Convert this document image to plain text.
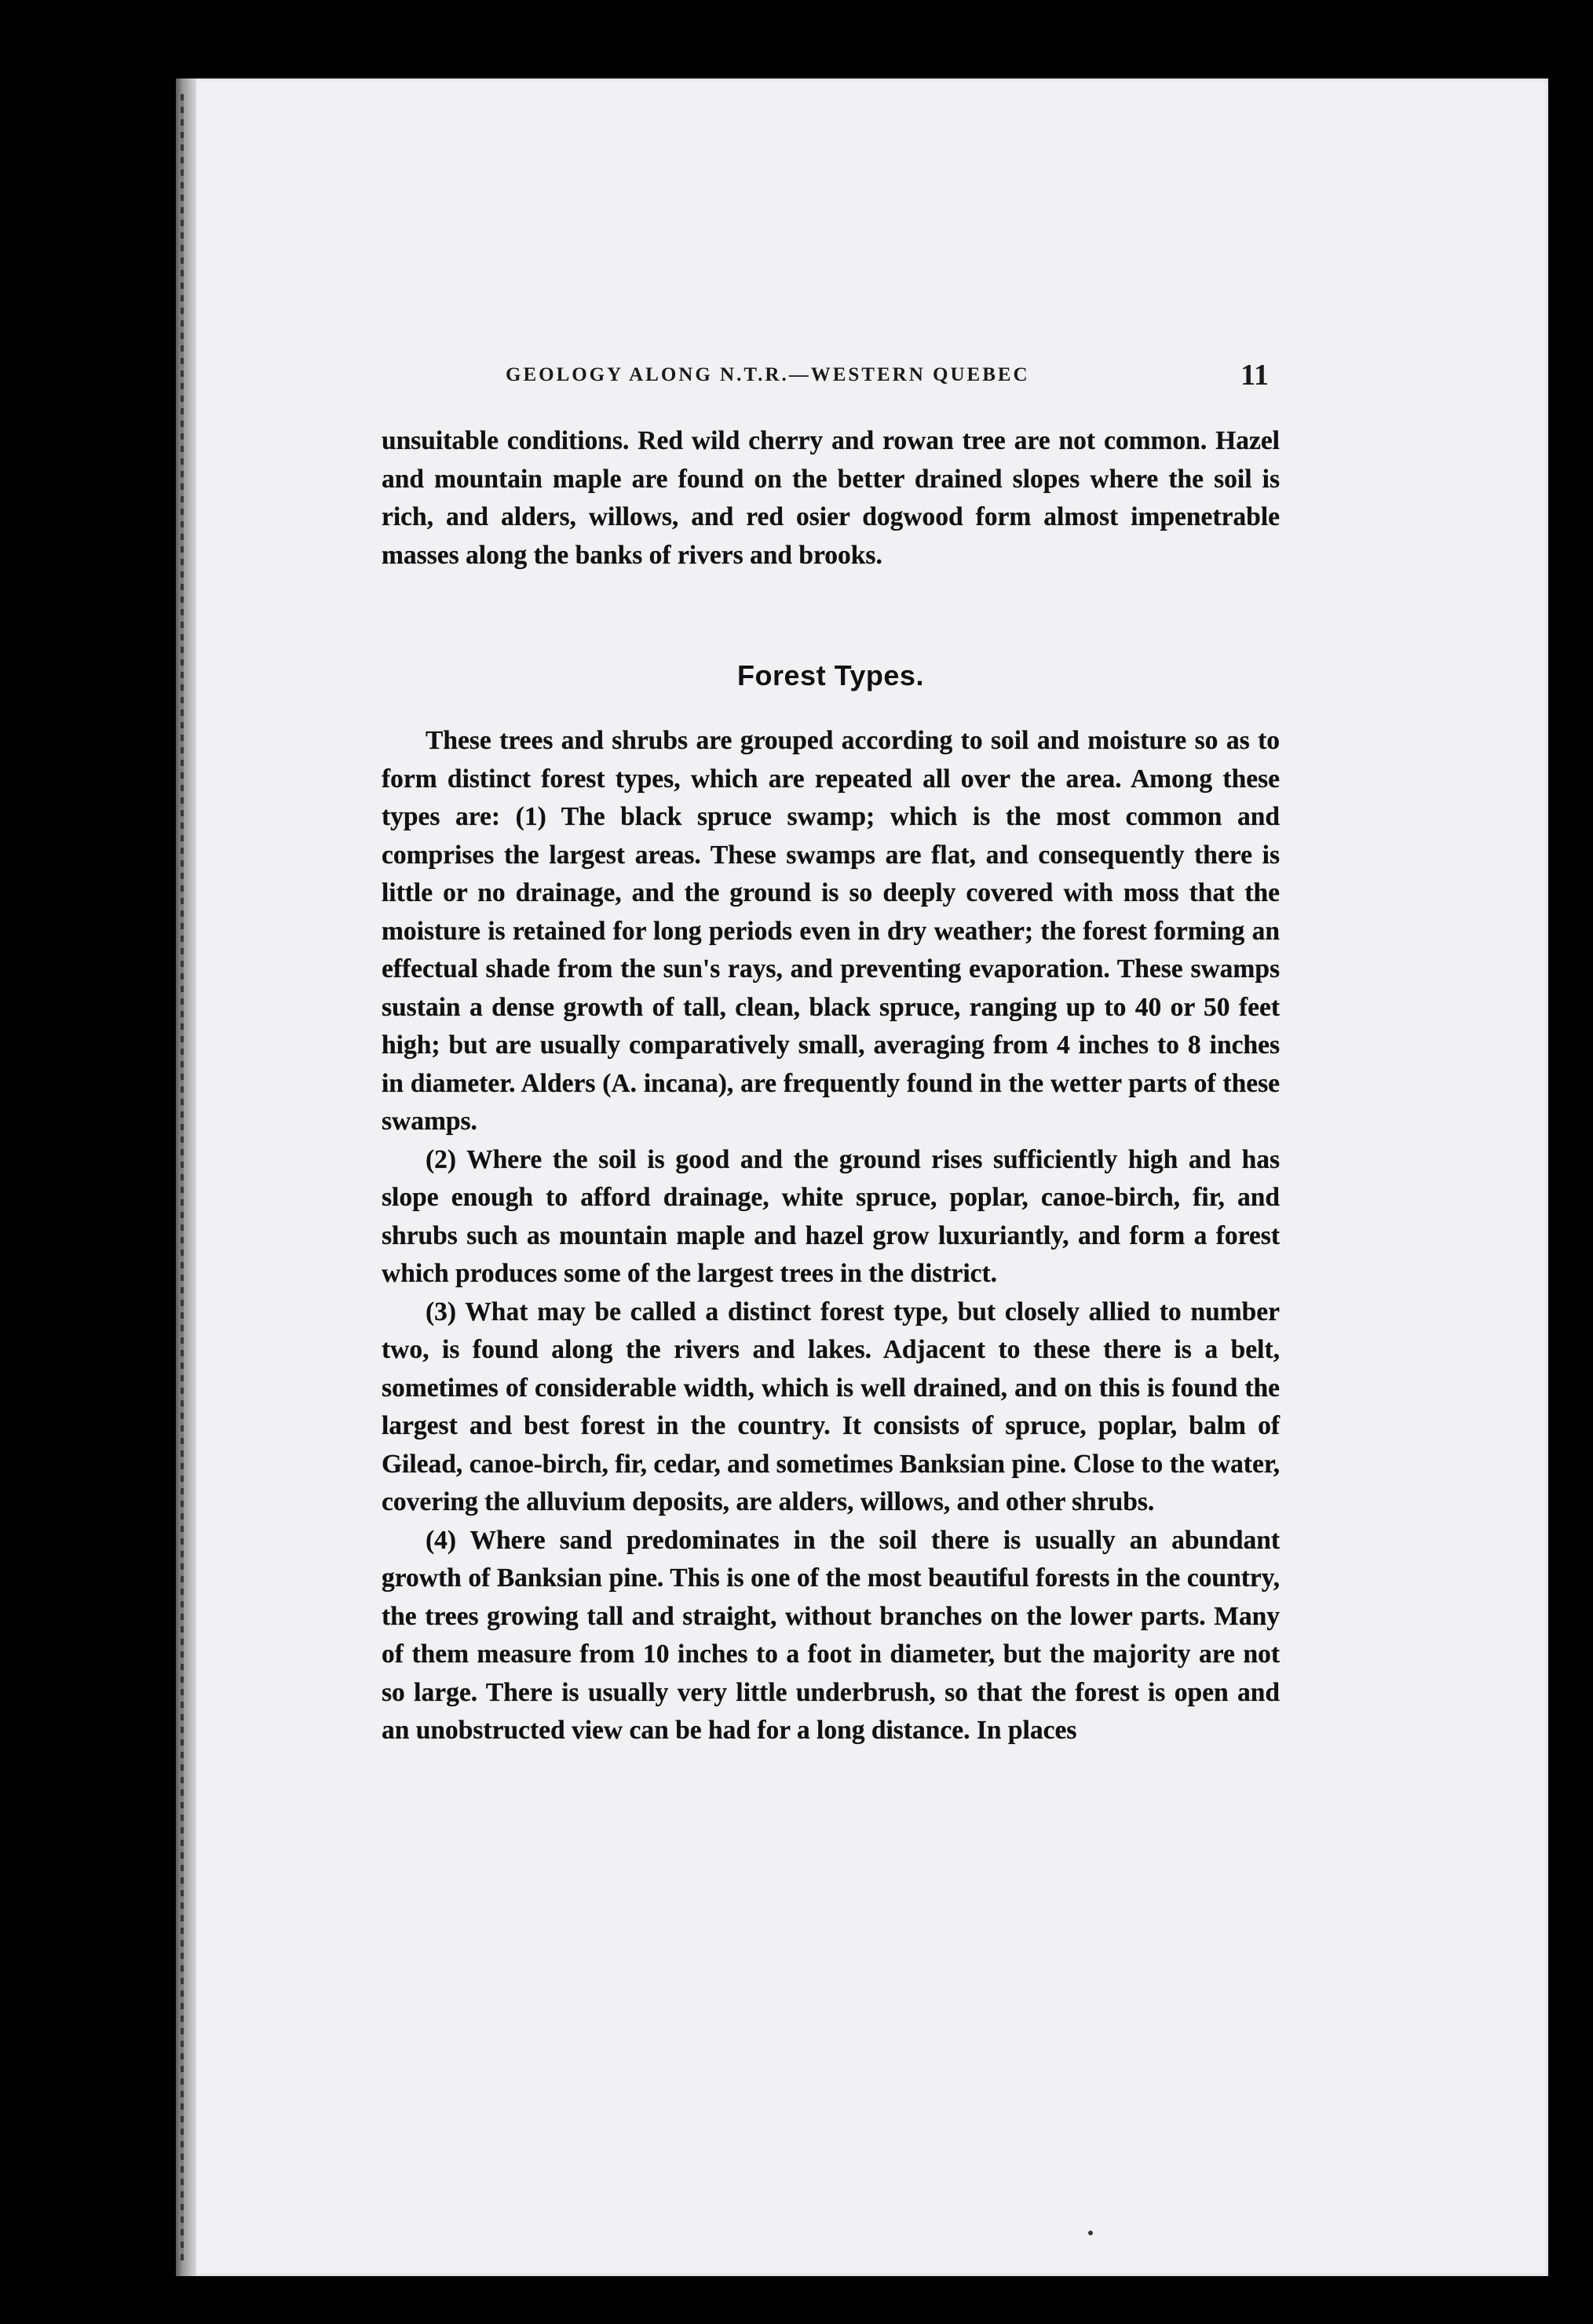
GEOLOGY ALONG N.T.R.—WESTERN QUEBEC	11

unsuitable conditions. Red wild cherry and rowan tree are not common. Hazel and mountain maple are found on the better drained slopes where the soil is rich, and alders, willows, and red osier dogwood form almost impenetrable masses along the banks of rivers and brooks.

Forest Types.

These trees and shrubs are grouped according to soil and moisture so as to form distinct forest types, which are repeated all over the area. Among these types are: (1) The black spruce swamp; which is the most common and comprises the largest areas. These swamps are flat, and consequently there is little or no drainage, and the ground is so deeply covered with moss that the moisture is retained for long periods even in dry weather; the forest forming an effectual shade from the sun's rays, and preventing evaporation. These swamps sustain a dense growth of tall, clean, black spruce, ranging up to 40 or 50 feet high; but are usually comparatively small, averaging from 4 inches to 8 inches in diameter. Alders (A. incana), are frequently found in the wetter parts of these swamps.

(2) Where the soil is good and the ground rises sufficiently high and has slope enough to afford drainage, white spruce, poplar, canoe-birch, fir, and shrubs such as mountain maple and hazel grow luxuriantly, and form a forest which produces some of the largest trees in the district.

(3) What may be called a distinct forest type, but closely allied to number two, is found along the rivers and lakes. Adjacent to these there is a belt, sometimes of considerable width, which is well drained, and on this is found the largest and best forest in the country. It consists of spruce, poplar, balm of Gilead, canoe-birch, fir, cedar, and sometimes Banksian pine. Close to the water, covering the alluvium deposits, are alders, willows, and other shrubs.

(4) Where sand predominates in the soil there is usually an abundant growth of Banksian pine. This is one of the most beautiful forests in the country, the trees growing tall and straight, without branches on the lower parts. Many of them measure from 10 inches to a foot in diameter, but the majority are not so large. There is usually very little underbrush, so that the forest is open and an unobstructed view can be had for a long distance. In places
